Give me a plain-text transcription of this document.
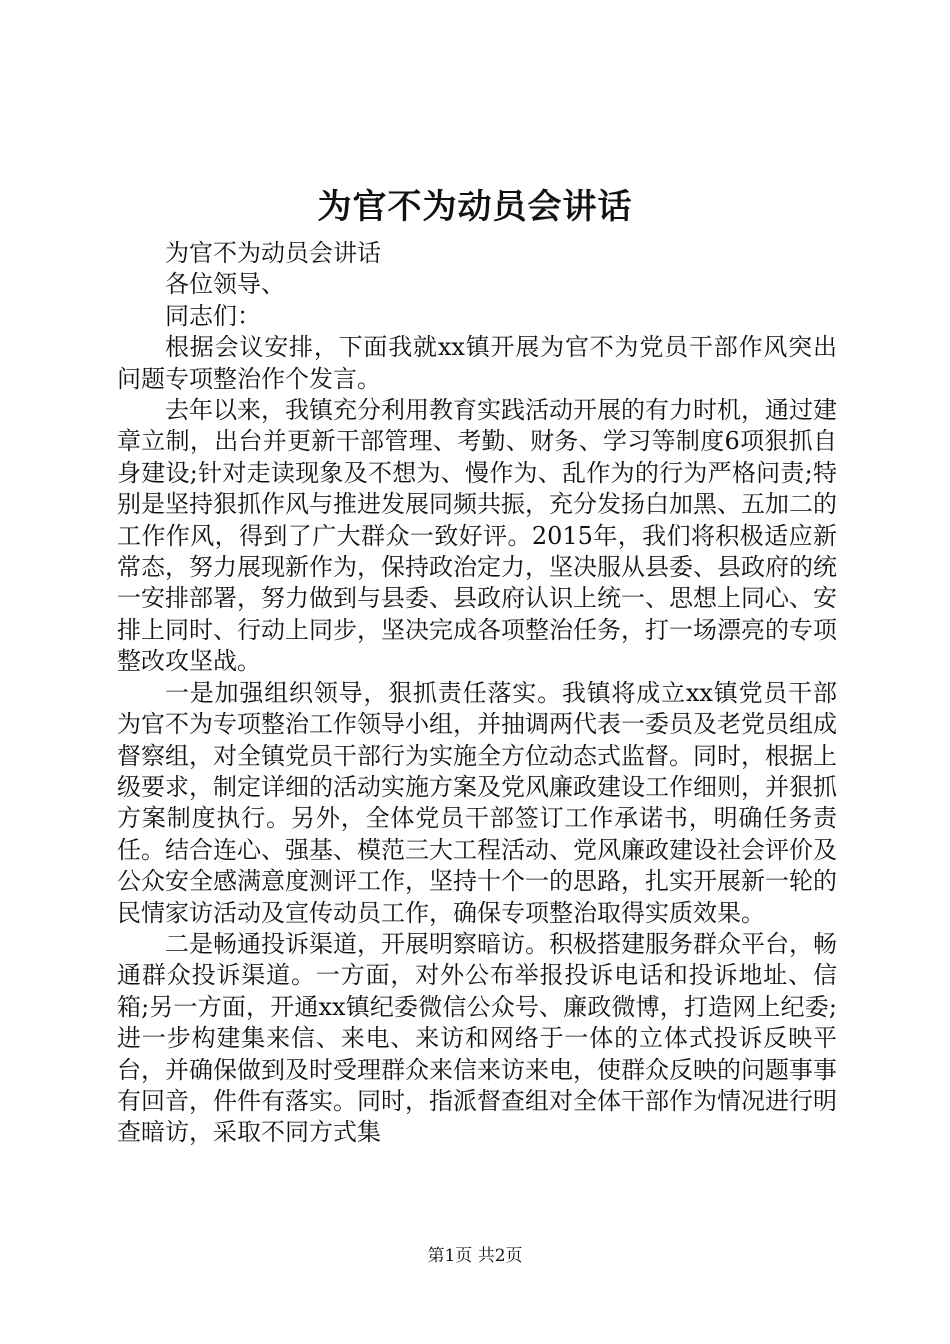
为官不为动员会讲话

为官不为动员会讲话

各位领导、

同志们：

根据会议安排，下面我就xx镇开展为官不为党员干部作风突出问题专项整治作个发言。

去年以来，我镇充分利用教育实践活动开展的有力时机，通过建章立制，出台并更新干部管理、考勤、财务、学习等制度6项狠抓自身建设;针对走读现象及不想为、慢作为、乱作为的行为严格问责;特别是坚持狠抓作风与推进发展同频共振，充分发扬白加黑、五加二的工作作风，得到了广大群众一致好评。2015年，我们将积极适应新常态，努力展现新作为，保持政治定力，坚决服从县委、县政府的统一安排部署，努力做到与县委、县政府认识上统一、思想上同心、安排上同时、行动上同步，坚决完成各项整治任务，打一场漂亮的专项整改攻坚战。

一是加强组织领导，狠抓责任落实。我镇将成立xx镇党员干部为官不为专项整治工作领导小组，并抽调两代表一委员及老党员组成督察组，对全镇党员干部行为实施全方位动态式监督。同时，根据上级要求，制定详细的活动实施方案及党风廉政建设工作细则，并狠抓方案制度执行。另外，全体党员干部签订工作承诺书，明确任务责任。结合连心、强基、模范三大工程活动、党风廉政建设社会评价及公众安全感满意度测评工作，坚持十个一的思路，扎实开展新一轮的民情家访活动及宣传动员工作，确保专项整治取得实质效果。

二是畅通投诉渠道，开展明察暗访。积极搭建服务群众平台，畅通群众投诉渠道。一方面，对外公布举报投诉电话和投诉地址、信箱;另一方面，开通xx镇纪委微信公众号、廉政微博，打造网上纪委;进一步构建集来信、来电、来访和网络于一体的立体式投诉反映平台，并确保做到及时受理群众来信来访来电，使群众反映的问题事事有回音，件件有落实。同时，指派督查组对全体干部作为情况进行明查暗访，采取不同方式集

第1页 共2页
